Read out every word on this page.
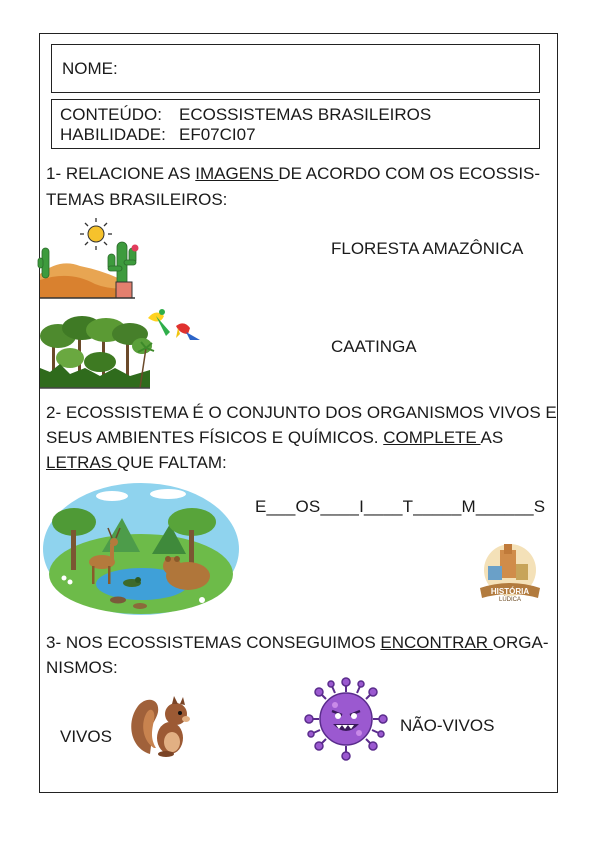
NOME:
CONTEÚDO: ECOSSISTEMAS BRASILEIROS
HABILIDADE: EF07CI07
1- RELACIONE AS IMAGENS DE ACORDO COM OS ECOSSIS-
TEMAS BRASILEIROS:
FLORESTA AMAZÔNICA
CAATINGA
2- ECOSSISTEMA É O CONJUNTO DOS ORGANISMOS VIVOS E
SEUS AMBIENTES FÍSICOS E QUÍMICOS. COMPLETE AS
LETRAS QUE FALTAM:
E___OS____I____T_____M______S
HISTÓRIA
LÚDICA
3- NOS ECOSSISTEMAS CONSEGUIMOS ENCONTRAR ORGA-
NISMOS:
VIVOS
NÃO-VIVOS
